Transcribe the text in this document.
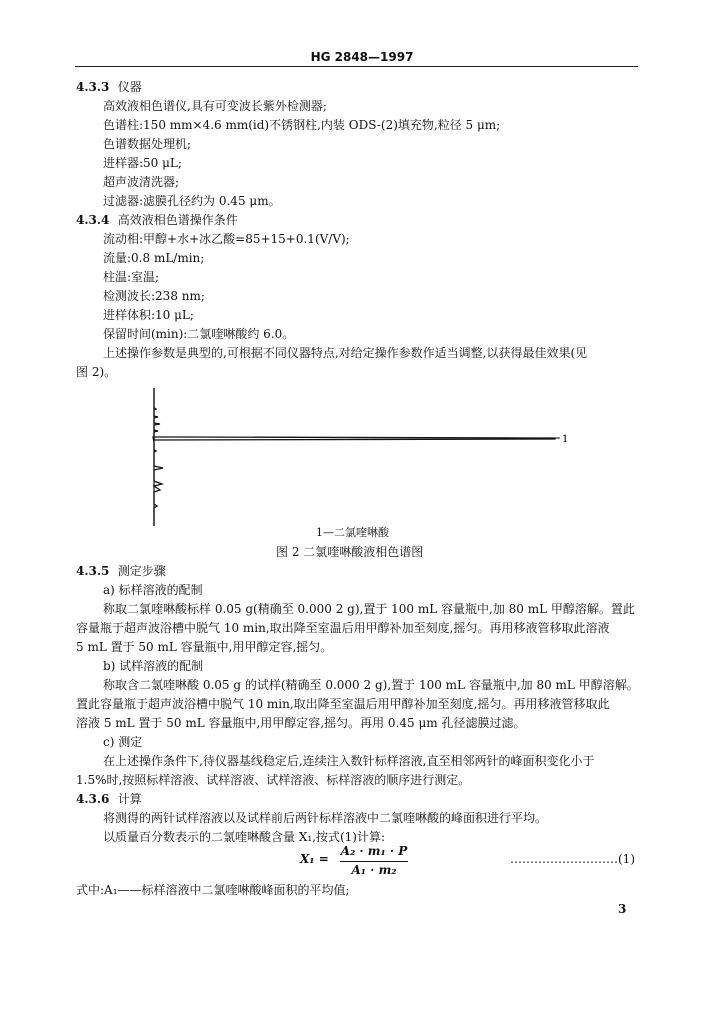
HG 2848—1997
4.3.3 仪器
高效液相色谱仪,具有可变波长紫外检测器;
色谱柱:150 mm×4.6 mm(id)不锈钢柱,内装 ODS-(2)填充物,粒径 5 μm;
色谱数据处理机;
进样器:50 μL;
超声波清洗器;
过滤器:滤膜孔径约为 0.45 μm。
4.3.4 高效液相色谱操作条件
流动相:甲醇+水+冰乙酸=85+15+0.1(V/V);
流量:0.8 mL/min;
柱温:室温;
检测波长:238 nm;
进样体积:10 μL;
保留时间(min):二氯喹啉酸约 6.0。
上述操作参数是典型的,可根据不同仪器特点,对给定操作参数作适当调整,以获得最佳效果(见
图 2)。
1
1—二氯喹啉酸
图 2 二氯喹啉酸液相色谱图
4.3.5 测定步骤
a) 标样溶液的配制
称取二氯喹啉酸标样 0.05 g(精确至 0.000 2 g),置于 100 mL 容量瓶中,加 80 mL 甲醇溶解。置此
容量瓶于超声波浴槽中脱气 10 min,取出降至室温后用甲醇补加至刻度,摇匀。再用移液管移取此溶液
5 mL 置于 50 mL 容量瓶中,用甲醇定容,摇匀。
b) 试样溶液的配制
称取含二氯喹啉酸 0.05 g 的试样(精确至 0.000 2 g),置于 100 mL 容量瓶中,加 80 mL 甲醇溶解。
置此容量瓶于超声波浴槽中脱气 10 min,取出降至室温后用甲醇补加至刻度,摇匀。再用移液管移取此
溶液 5 mL 置于 50 mL 容量瓶中,用甲醇定容,摇匀。再用 0.45 μm 孔径滤膜过滤。
c) 测定
在上述操作条件下,待仪器基线稳定后,连续注入数针标样溶液,直至相邻两针的峰面积变化小于
1.5%时,按照标样溶液、试样溶液、试样溶液、标样溶液的顺序进行测定。
4.3.6 计算
将测得的两针试样溶液以及试样前后两针标样溶液中二氯喹啉酸的峰面积进行平均。
以质量百分数表示的二氯喹啉酸含量 X₁,按式(1)计算:
X₁ =
A₂ · m₁ · P
A₁ · m₂
………………………(1)
式中:A₁——标样溶液中二氯喹啉酸峰面积的平均值;
3
